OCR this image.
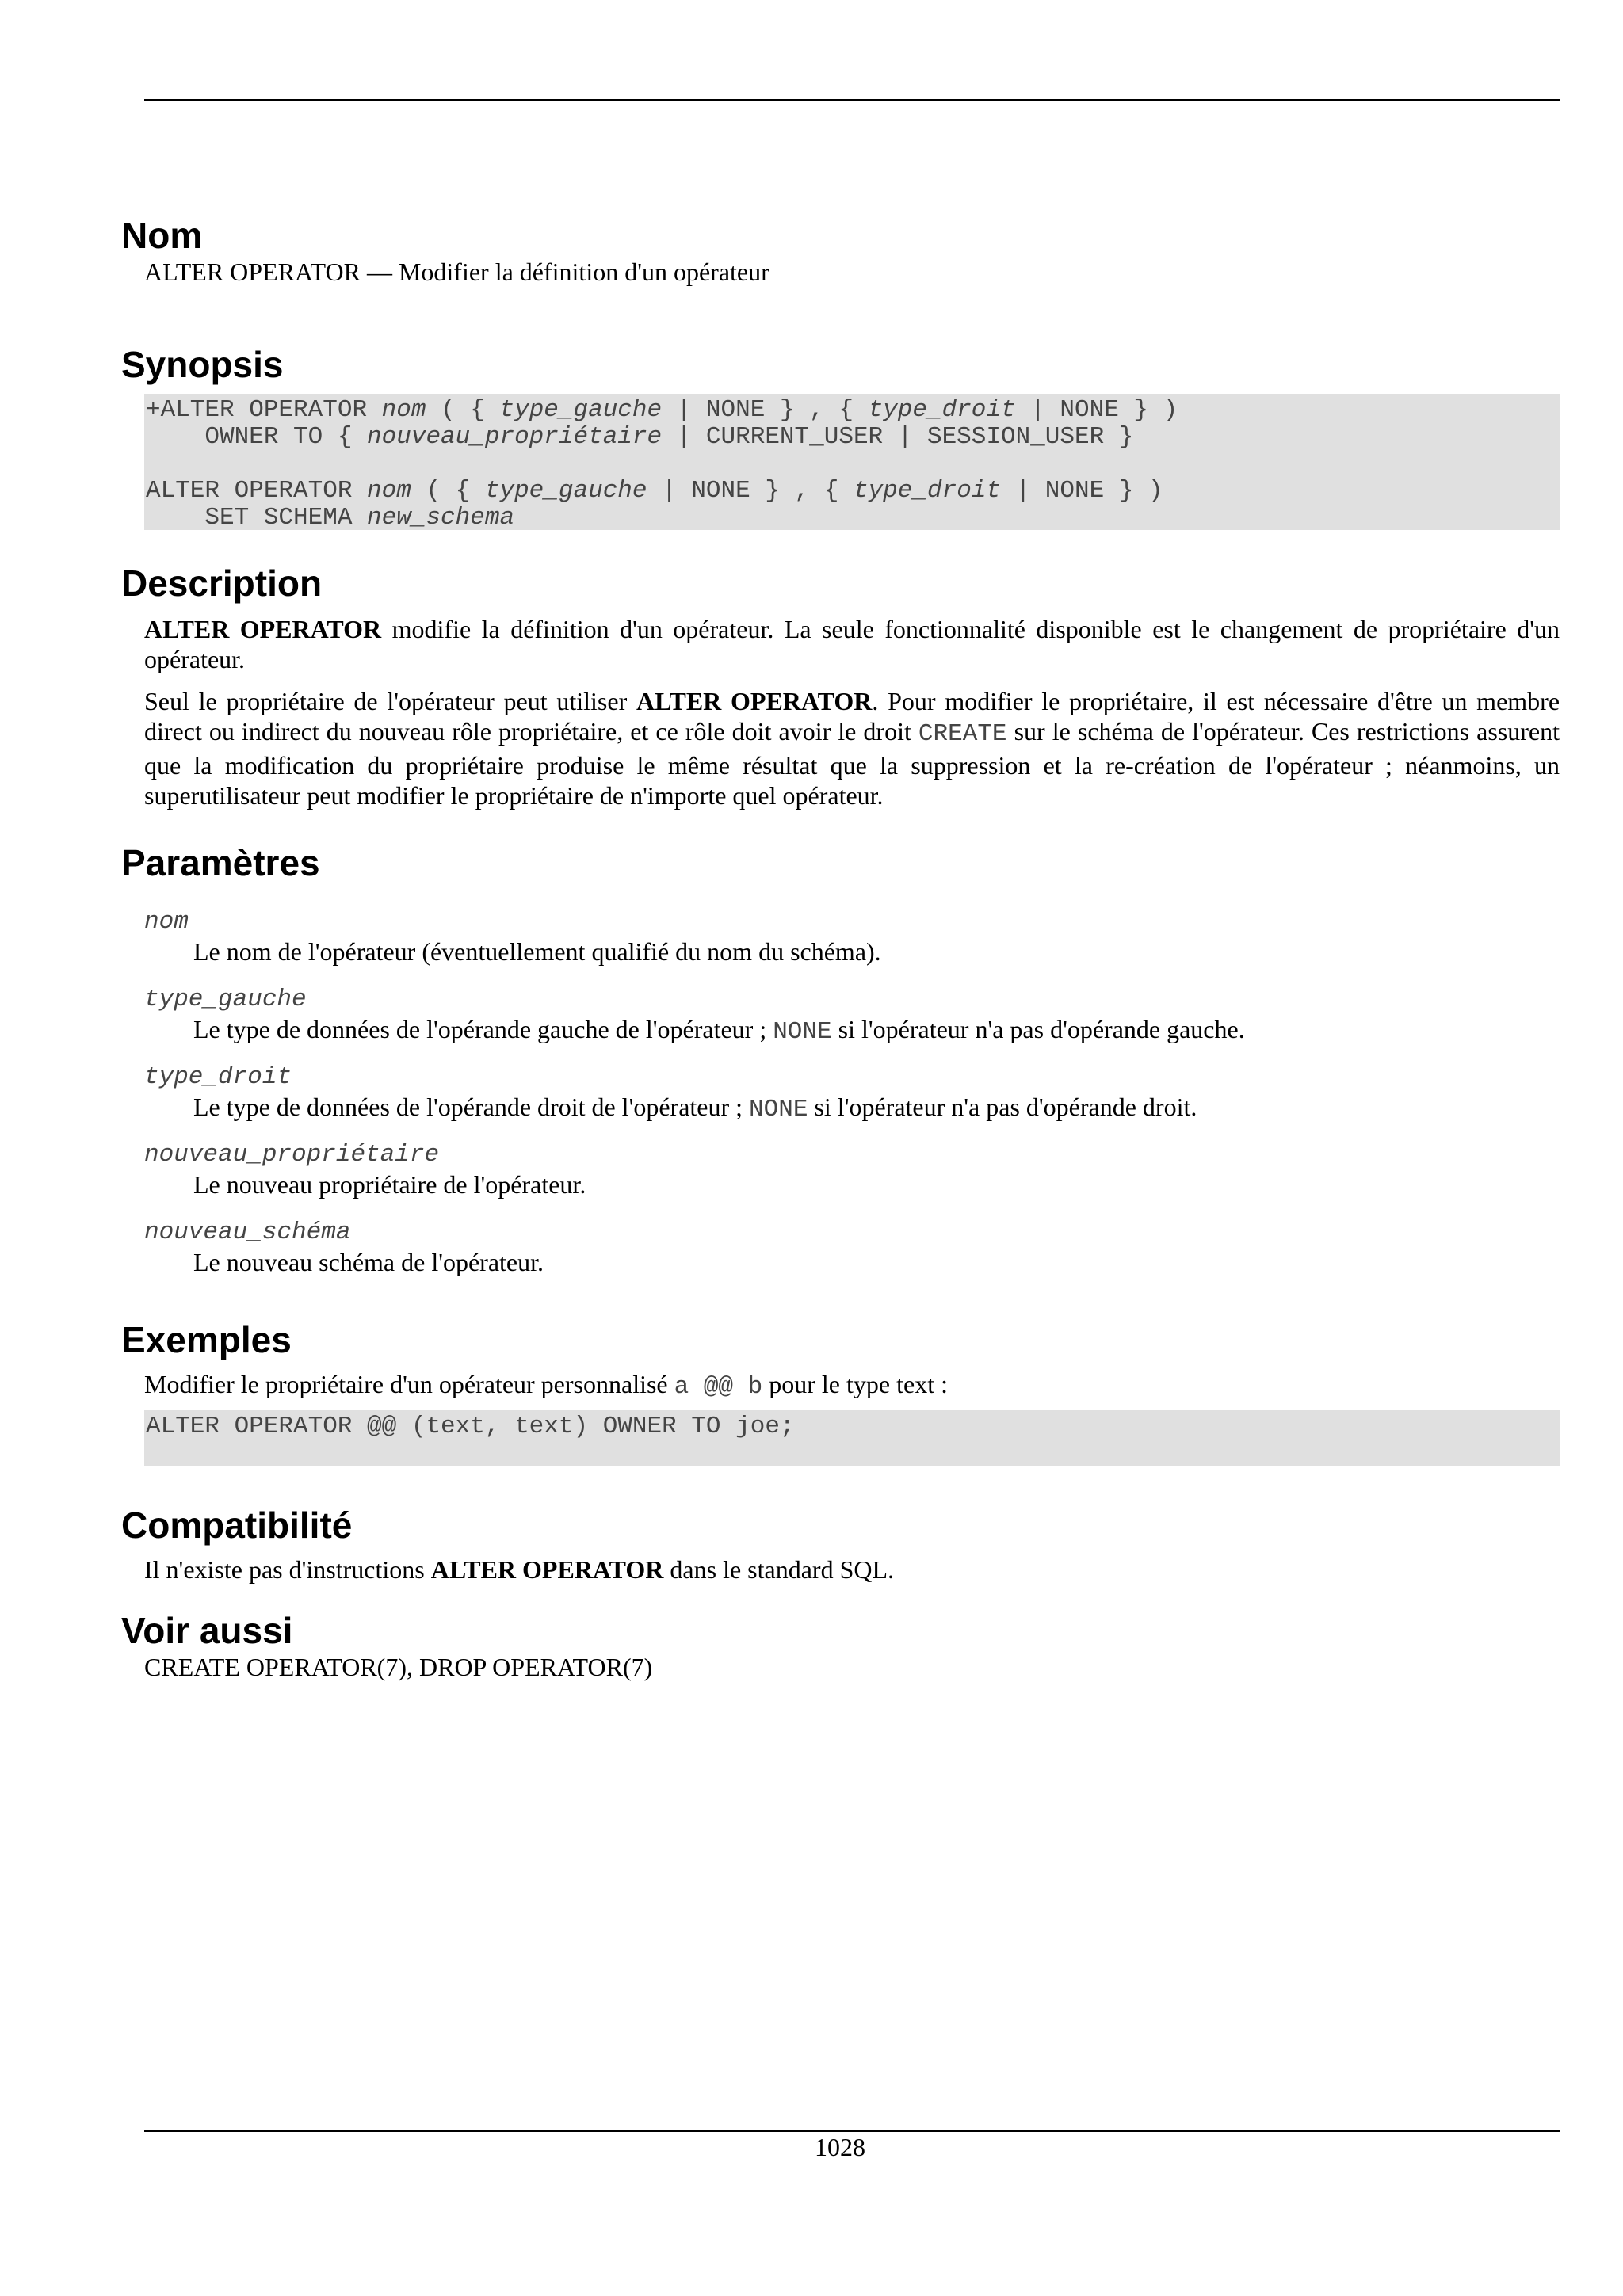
Nom

ALTER OPERATOR — Modifier la définition d'un opérateur

Synopsis
+ALTER OPERATOR nom ( { type_gauche | NONE } , { type_droit | NONE } )
OWNER TO { nouveau_propriétaire | CURRENT_USER | SESSION_USER }

ALTER OPERATOR nom ( { type_gauche | NONE } , { type_droit | NONE } )
SET SCHEMA new_schema
Description

ALTER OPERATOR modifie la définition d'un opérateur. La seule fonctionnalité disponible est le changement de propriétaire d'un opérateur.

Seul le propriétaire de l'opérateur peut utiliser ALTER OPERATOR. Pour modifier le propriétaire, il est nécessaire d'être un membre direct ou indirect du nouveau rôle propriétaire, et ce rôle doit avoir le droit CREATE sur le schéma de l'opérateur. Ces restrictions assurent que la modification du propriétaire produise le même résultat que la suppression et la re-création de l'opérateur ; néanmoins, un superutilisateur peut modifier le propriétaire de n'importe quel opérateur.

Paramètres
nom
Le nom de l'opérateur (éventuellement qualifié du nom du schéma).
type_gauche
Le type de données de l'opérande gauche de l'opérateur ; NONE si l'opérateur n'a pas d'opérande gauche.
type_droit
Le type de données de l'opérande droit de l'opérateur ; NONE si l'opérateur n'a pas d'opérande droit.
nouveau_propriétaire
Le nouveau propriétaire de l'opérateur.
nouveau_schéma
Le nouveau schéma de l'opérateur.
Exemples

Modifier le propriétaire d'un opérateur personnalisé a @@ b pour le type text :

ALTER OPERATOR @@ (text, text) OWNER TO joe;
Compatibilité

Il n'existe pas d'instructions ALTER OPERATOR dans le standard SQL.

Voir aussi

CREATE OPERATOR(7), DROP OPERATOR(7)

1028
